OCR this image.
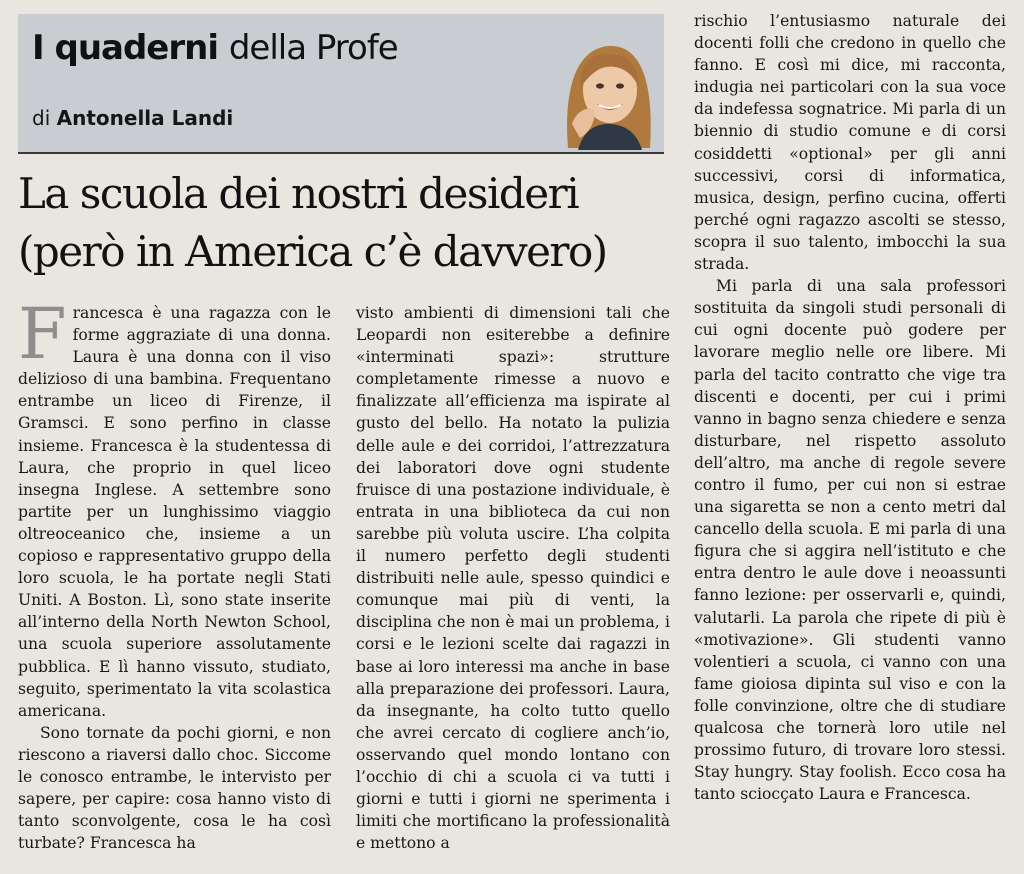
I quaderni della Profe
di Antonella Landi
La scuola dei nostri desideri
(però in America c’è davvero)

Francesca è una ragazza con le forme aggraziate di una donna. Laura è una donna con il viso delizioso di una bambina. Frequentano entrambe un liceo di Firenze, il Gramsci. E sono perfino in classe insieme. Francesca è la studentessa di Laura, che proprio in quel liceo insegna Inglese. A settembre sono partite per un lunghissimo viaggio oltreoceanico che, insieme a un copioso e rappresentativo gruppo della loro scuola, le ha portate negli Stati Uniti. A Boston. Lì, sono state inserite all’interno della North Newton School, una scuola superiore assolutamente pubblica. E lì hanno vissuto, studiato, seguito, sperimentato la vita scolastica americana.

Sono tornate da pochi giorni, e non riescono a riaversi dallo choc. Siccome le conosco entrambe, le intervisto per sapere, per capire: cosa hanno visto di tanto sconvolgente, cosa le ha così turbate? Francesca ha

visto ambienti di dimensioni tali che Leopardi non esiterebbe a definire «interminati spazi»: strutture completamente rimesse a nuovo e finalizzate all’efficienza ma ispirate al gusto del bello. Ha notato la pulizia delle aule e dei corridoi, l’attrezzatura dei laboratori dove ogni studente fruisce di una postazione individuale, è entrata in una biblioteca da cui non sarebbe più voluta uscire. L’ha colpita il numero perfetto degli studenti distribuiti nelle aule, spesso quindici e comunque mai più di venti, la disciplina che non è mai un problema, i corsi e le lezioni scelte dai ragazzi in base ai loro interessi ma anche in base alla preparazione dei professori. Laura, da insegnante, ha colto tutto quello che avrei cercato di cogliere anch’io, osservando quel mondo lontano con l’occhio di chi a scuola ci va tutti i giorni e tutti i giorni ne sperimenta i limiti che mortificano la professionalità e mettono a

rischio l’entusiasmo naturale dei docenti folli che credono in quello che fanno. E così mi dice, mi racconta, indugia nei particolari con la sua voce da indefessa sognatrice. Mi parla di un biennio di studio comune e di corsi cosiddetti «optional» per gli anni successivi, corsi di informatica, musica, design, perfino cucina, offerti perché ogni ragazzo ascolti se stesso, scopra il suo talento, imbocchi la sua strada.

Mi parla di una sala professori sostituita da singoli studi personali di cui ogni docente può godere per lavorare meglio nelle ore libere. Mi parla del tacito contratto che vige tra discenti e docenti, per cui i primi vanno in bagno senza chiedere e senza disturbare, nel rispetto assoluto dell’altro, ma anche di regole severe contro il fumo, per cui non si estrae una sigaretta se non a cento metri dal cancello della scuola. E mi parla di una figura che si aggira nell’istituto e che entra dentro le aule dove i neoassunti fanno lezione: per osservarli e, quindi, valutarli. La parola che ripete di più è «motivazione». Gli studenti vanno volentieri a scuola, ci vanno con una fame gioiosa dipinta sul viso e con la folle convinzione, oltre che di studiare qualcosa che tornerà loro utile nel prossimo futuro, di trovare loro stessi. Stay hungry. Stay foolish. Ecco cosa ha tanto sciocçato Laura e Francesca.
